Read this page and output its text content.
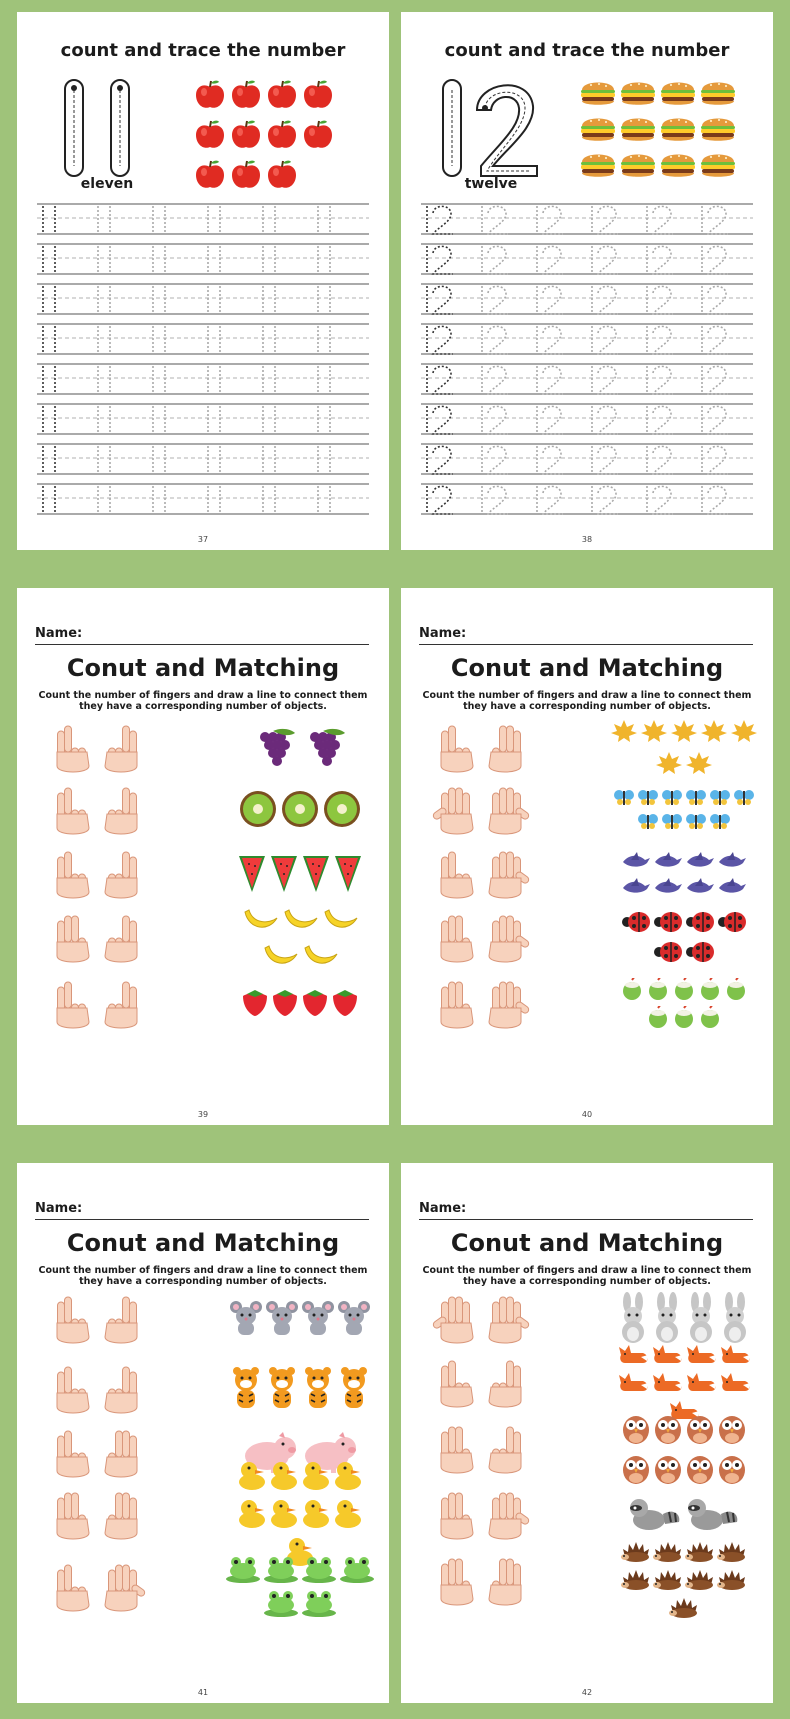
count and trace the number
eleven
37
count and trace the number
twelve
38
Name:
Conut and Matching
Count the number of fingers and draw a line to connect them
they have a corresponding number of objects.
39
Name:
Conut and Matching
Count the number of fingers and draw a line to connect them
they have a corresponding number of objects.
40
Name:
Conut and Matching
Count the number of fingers and draw a line to connect them
they have a corresponding number of objects.
41
Name:
Conut and Matching
Count the number of fingers and draw a line to connect them
they have a corresponding number of objects.
42
